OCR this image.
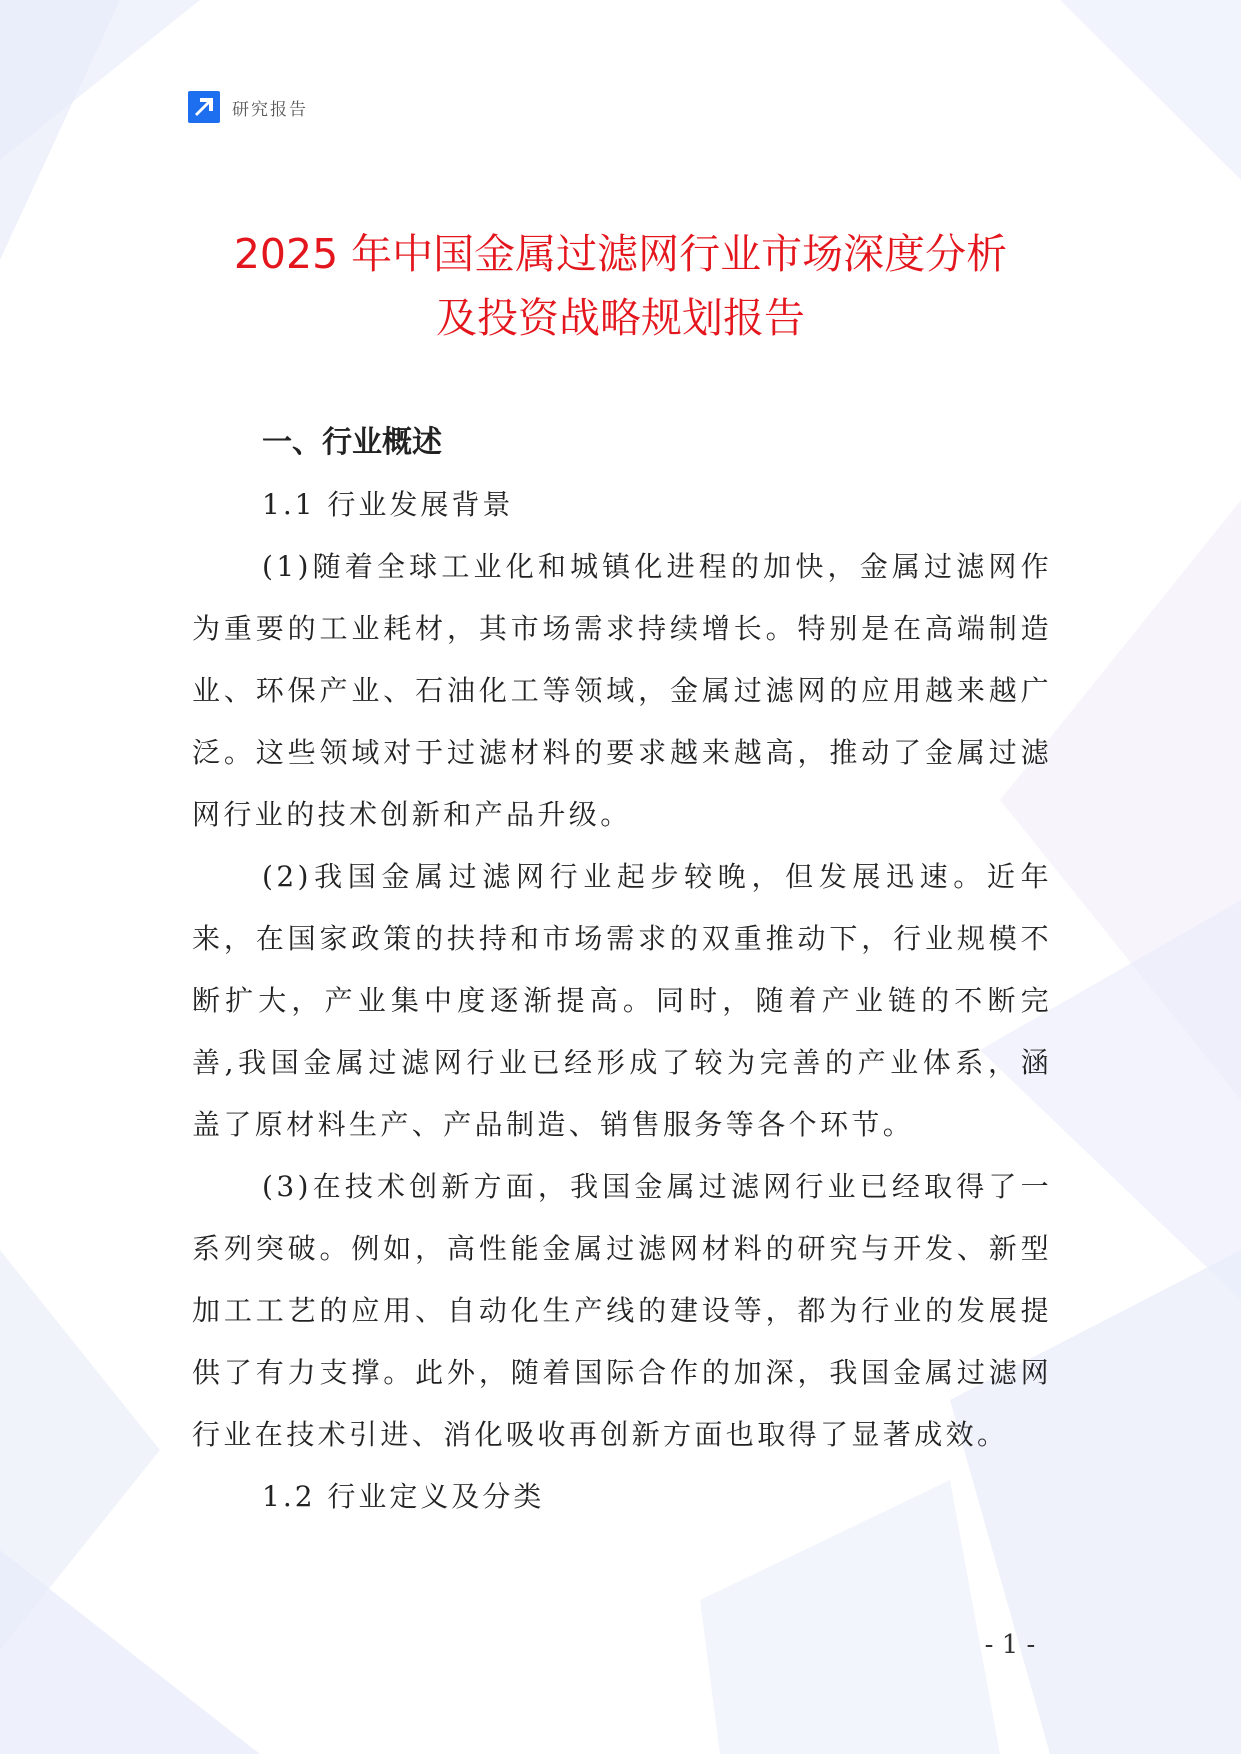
研究报告
2025 年中国金属过滤网行业市场深度分析
及投资战略规划报告
一、行业概述
1.1 行业发展背景

(1)随着全球工业化和城镇化进程的加快，金属过滤网作为重要的工业耗材，其市场需求持续增长。特别是在高端制造业、环保产业、石油化工等领域，金属过滤网的应用越来越广泛。这些领域对于过滤材料的要求越来越高，推动了金属过滤网行业的技术创新和产品升级。

(2)我国金属过滤网行业起步较晚，但发展迅速。近年来，在国家政策的扶持和市场需求的双重推动下，行业规模不断扩大，产业集中度逐渐提高。同时，随着产业链的不断完善,我国金属过滤网行业已经形成了较为完善的产业体系，涵盖了原材料生产、产品制造、销售服务等各个环节。

(3)在技术创新方面，我国金属过滤网行业已经取得了一系列突破。例如，高性能金属过滤网材料的研究与开发、新型加工工艺的应用、自动化生产线的建设等，都为行业的发展提供了有力支撑。此外，随着国际合作的加深，我国金属过滤网行业在技术引进、消化吸收再创新方面也取得了显著成效。

1.2 行业定义及分类
- 1 -
